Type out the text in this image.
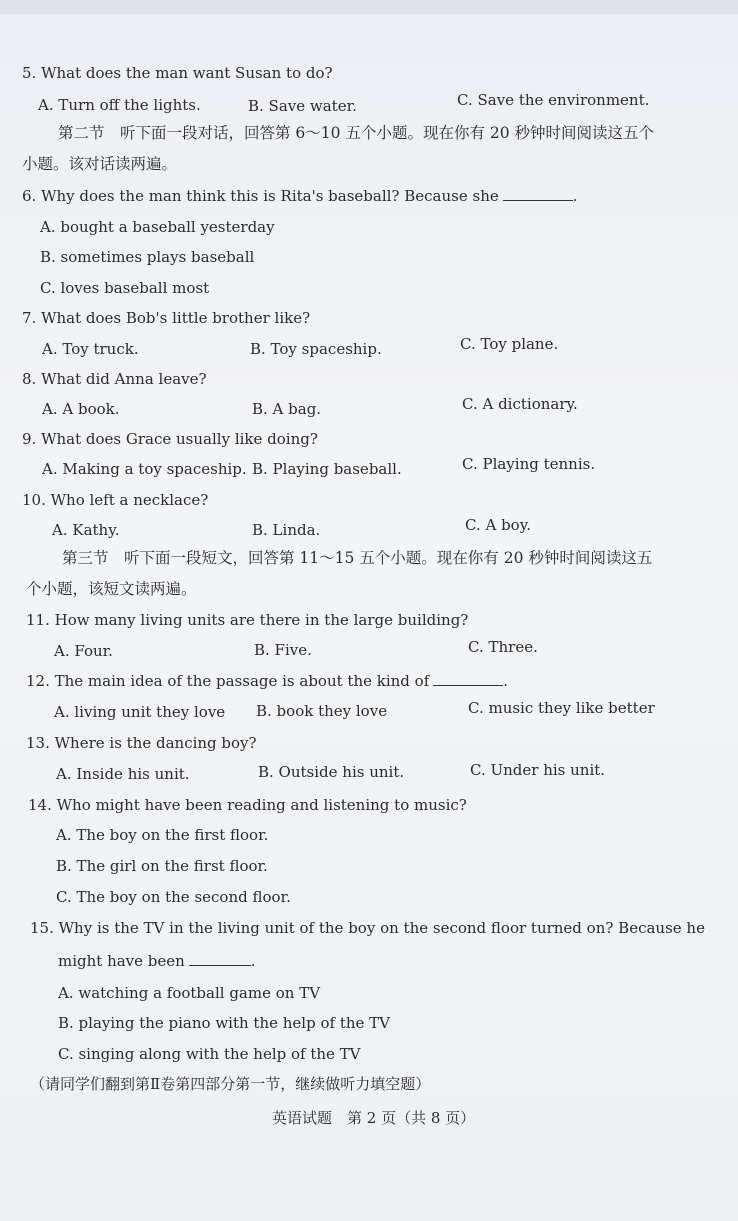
5. What does the man want Susan to do?
A. Turn off the lights.	B. Save water.	C. Save the environment.
第二节　听下面一段对话，回答第 6～10 五个小题。现在你有 20 秒钟时间阅读这五个
小题。该对话读两遍。
6. Why does the man think this is Rita's baseball? Because she	.
A. bought a baseball yesterday
B. sometimes plays baseball
C. loves baseball most
7. What does Bob's little brother like?
A. Toy truck.	B. Toy spaceship.	C. Toy plane.
8. What did Anna leave?
A. A book.	B. A bag.	C. A dictionary.
9. What does Grace usually like doing?
A. Making a toy spaceship. B. Playing baseball.	C. Playing tennis.
10. Who left a necklace?
A. Kathy.	B. Linda.	C. A boy.
第三节　听下面一段短文，回答第 11～15 五个小题。现在你有 20 秒钟时间阅读这五
个小题，该短文读两遍。
11. How many living units are there in the large building?
A. Four.	B. Five.	C. Three.
12. The main idea of the passage is about the kind of	.
A. living unit they love B. book they love	C. music they like better
13. Where is the dancing boy?
A. Inside his unit.	B. Outside his unit.	C. Under his unit.
14. Who might have been reading and listening to music?
A. The boy on the first floor.
B. The girl on the first floor.
C. The boy on the second floor.
15. Why is the TV in the living unit of the boy on the second floor turned on? Because he
might have been	.
A. watching a football game on TV
B. playing the piano with the help of the TV
C. singing along with the help of the TV
（请同学们翻到第Ⅱ卷第四部分第一节，继续做听力填空题）
英语试题　第 2 页（共 8 页）
